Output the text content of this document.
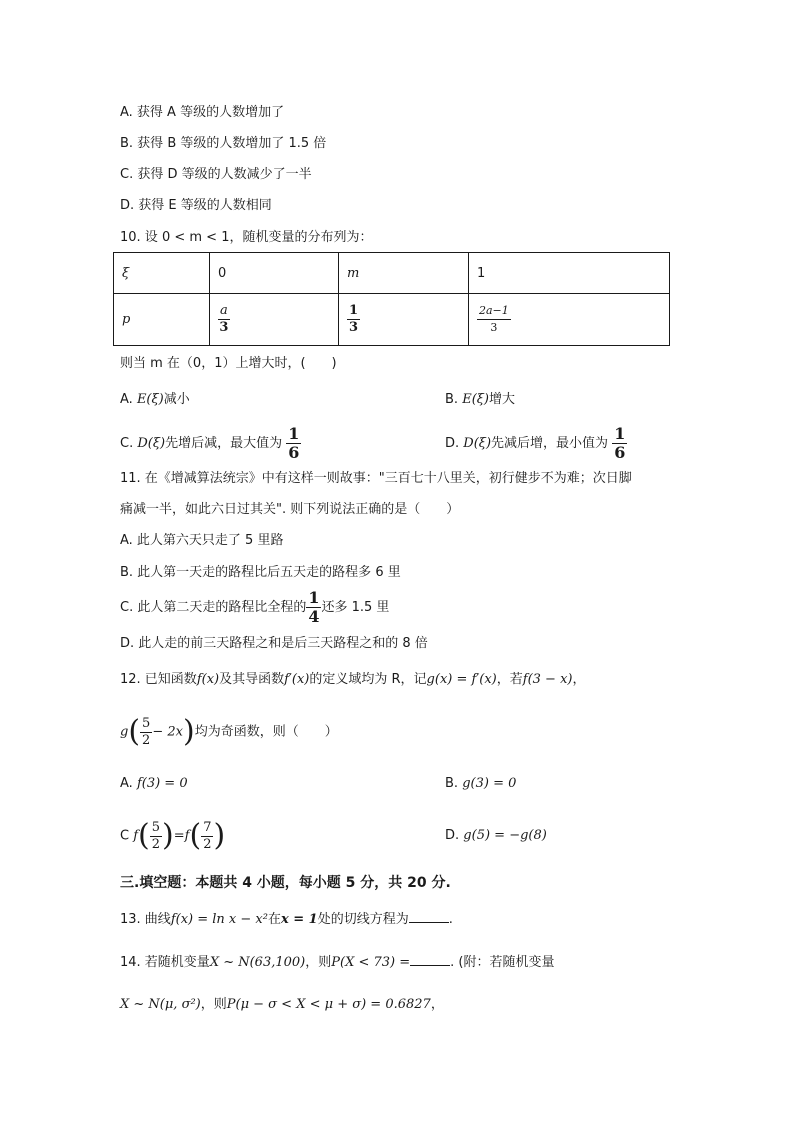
A. 获得 A 等级的人数增加了
B. 获得 B 等级的人数增加了 1.5 倍
C. 获得 D 等级的人数减少了一半
D. 获得 E 等级的人数相同
10. 设 0 < m < 1，随机变量的分布列为：
ξ	0	m	1
p	$\frac{a}{3}$	$\frac{1}{3}$	$\frac{2a-1}{3}$
则当 m 在（0，1）上增大时，(　　)
A. E(ξ)减小	B. E(ξ)增大
C. D(ξ)先增后减，最大值为 $\frac{1}{6}$	D. D(ξ)先减后增，最小值为 $\frac{1}{6}$
11. 在《增减算法统宗》中有这样一则故事："三百七十八里关，初行健步不为难；次日脚
痛减一半，如此六日过其关". 则下列说法正确的是（　　）
A. 此人第六天只走了 5 里路
B. 此人第一天走的路程比后五天走的路程多 6 里
C. 此人第二天走的路程比全程的 $\frac{1}{4}$ 还多 1.5 里
D. 此人走的前三天路程之和是后三天路程之和的 8 倍
12. 已知函数f(x)及其导函数f′(x)的定义域均为 R，记g(x) = f′(x)，若f(3 − x)，
$g( \frac{5}{2} - 2x)$均为奇函数，则（　　）
A. f(3) = 0	B. g(3) = 0
C $f( \frac{5}{2} )=f( \frac{7}{2}$ )	D. g(5) = −g(8)
三.填空题：本题共 4 小题，每小题 5 分，共 20 分.
13. 曲线f(x) = ln x − x²在x = 1处的切线方程为	.
14. 若随机变量X ~ N(63,100)，则P(X < 73) =	. (附：若随机变量
X ~ N(μ, σ²)，则P(μ − σ < X < μ + σ) = 0.6827，
